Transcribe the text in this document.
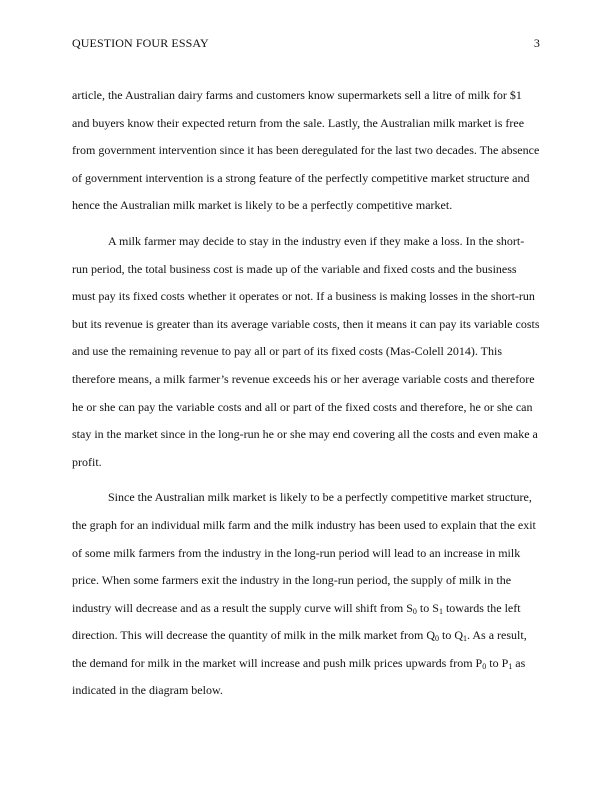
QUESTION FOUR ESSAY	3
article, the Australian dairy farms and customers know supermarkets sell a litre of milk for $1
and buyers know their expected return from the sale. Lastly, the Australian milk market is free
from government intervention since it has been deregulated for the last two decades. The absence
of government intervention is a strong feature of the perfectly competitive market structure and
hence the Australian milk market is likely to be a perfectly competitive market.
A milk farmer may decide to stay in the industry even if they make a loss. In the short-
run period, the total business cost is made up of the variable and fixed costs and the business
must pay its fixed costs whether it operates or not. If a business is making losses in the short-run
but its revenue is greater than its average variable costs, then it means it can pay its variable costs
and use the remaining revenue to pay all or part of its fixed costs (Mas-Colell 2014). This
therefore means, a milk farmer’s revenue exceeds his or her average variable costs and therefore
he or she can pay the variable costs and all or part of the fixed costs and therefore, he or she can
stay in the market since in the long-run he or she may end covering all the costs and even make a
profit.
Since the Australian milk market is likely to be a perfectly competitive market structure,
the graph for an individual milk farm and the milk industry has been used to explain that the exit
of some milk farmers from the industry in the long-run period will lead to an increase in milk
price. When some farmers exit the industry in the long-run period, the supply of milk in the
industry will decrease and as a result the supply curve will shift from $S_0$ to $S_1$ towards the left
direction. This will decrease the quantity of milk in the milk market from $Q_0$ to $Q_1$. As a result,
the demand for milk in the market will increase and push milk prices upwards from $P_0$ to $P_1$ as
indicated in the diagram below.
